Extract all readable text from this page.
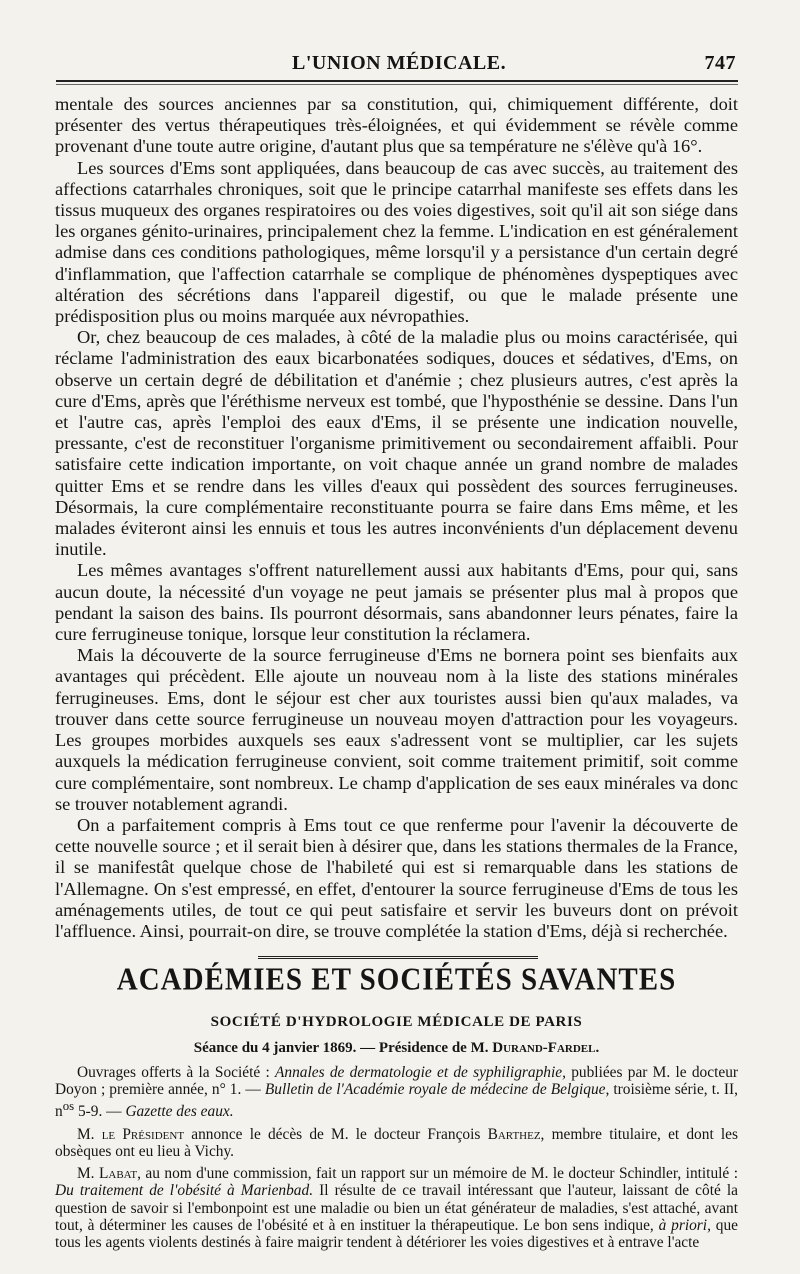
L'UNION MÉDICALE.	747

mentale des sources anciennes par sa constitution, qui, chimiquement différente, doit présenter des vertus thérapeutiques très-éloignées, et qui évidemment se révèle comme provenant d'une toute autre origine, d'autant plus que sa température ne s'élève qu'à 16°.

Les sources d'Ems sont appliquées, dans beaucoup de cas avec succès, au traitement des affections catarrhales chroniques, soit que le principe catarrhal manifeste ses effets dans les tissus muqueux des organes respiratoires ou des voies digestives, soit qu'il ait son siége dans les organes génito-urinaires, principalement chez la femme. L'indication en est généralement admise dans ces conditions pathologiques, même lorsqu'il y a persistance d'un certain degré d'inflammation, que l'affection catarrhale se complique de phénomènes dyspeptiques avec altération des sécrétions dans l'appareil digestif, ou que le malade présente une prédisposition plus ou moins marquée aux névropathies.

Or, chez beaucoup de ces malades, à côté de la maladie plus ou moins caractérisée, qui réclame l'administration des eaux bicarbonatées sodiques, douces et sédatives, d'Ems, on observe un certain degré de débilitation et d'anémie ; chez plusieurs autres, c'est après la cure d'Ems, après que l'éréthisme nerveux est tombé, que l'hyposthénie se dessine. Dans l'un et l'autre cas, après l'emploi des eaux d'Ems, il se présente une indication nouvelle, pressante, c'est de reconstituer l'organisme primitivement ou secondairement affaibli. Pour satisfaire cette indication importante, on voit chaque année un grand nombre de malades quitter Ems et se rendre dans les villes d'eaux qui possèdent des sources ferrugineuses. Désormais, la cure complémentaire reconstituante pourra se faire dans Ems même, et les malades éviteront ainsi les ennuis et tous les autres inconvénients d'un déplacement devenu inutile.

Les mêmes avantages s'offrent naturellement aussi aux habitants d'Ems, pour qui, sans aucun doute, la nécessité d'un voyage ne peut jamais se présenter plus mal à propos que pendant la saison des bains. Ils pourront désormais, sans abandonner leurs pénates, faire la cure ferrugineuse tonique, lorsque leur constitution la réclamera.

Mais la découverte de la source ferrugineuse d'Ems ne bornera point ses bienfaits aux avantages qui précèdent. Elle ajoute un nouveau nom à la liste des stations minérales ferrugineuses. Ems, dont le séjour est cher aux touristes aussi bien qu'aux malades, va trouver dans cette source ferrugineuse un nouveau moyen d'attraction pour les voyageurs. Les groupes morbides auxquels ses eaux s'adressent vont se multiplier, car les sujets auxquels la médication ferrugineuse convient, soit comme traitement primitif, soit comme cure complémentaire, sont nombreux. Le champ d'application de ses eaux minérales va donc se trouver notablement agrandi.

On a parfaitement compris à Ems tout ce que renferme pour l'avenir la découverte de cette nouvelle source ; et il serait bien à désirer que, dans les stations thermales de la France, il se manifestât quelque chose de l'habileté qui est si remarquable dans les stations de l'Allemagne. On s'est empressé, en effet, d'entourer la source ferrugineuse d'Ems de tous les aménagements utiles, de tout ce qui peut satisfaire et servir les buveurs dont on prévoit l'affluence. Ainsi, pourrait-on dire, se trouve complétée la station d'Ems, déjà si recherchée.

ACADÉMIES ET SOCIÉTÉS SAVANTES
SOCIÉTÉ D'HYDROLOGIE MÉDICALE DE PARIS
Séance du 4 janvier 1869. — Présidence de M. Durand-Fardel.

Ouvrages offerts à la Société : Annales de dermatologie et de syphiligraphie, publiées par M. le docteur Doyon ; première année, n° 1. — Bulletin de l'Académie royale de médecine de Belgique, troisième série, t. II, $n^{os}$ 5-9. — Gazette des eaux.

M. le Président annonce le décès de M. le docteur François Barthez, membre titulaire, et dont les obsèques ont eu lieu à Vichy.

M. Labat, au nom d'une commission, fait un rapport sur un mémoire de M. le docteur Schindler, intitulé : Du traitement de l'obésité à Marienbad. Il résulte de ce travail intéressant que l'auteur, laissant de côté la question de savoir si l'embonpoint est une maladie ou bien un état générateur de maladies, s'est attaché, avant tout, à déterminer les causes de l'obésité et à en instituer la thérapeutique. Le bon sens indique, à priori, que tous les agents violents destinés à faire maigrir tendent à détériorer les voies digestives et à entrave l'acte
